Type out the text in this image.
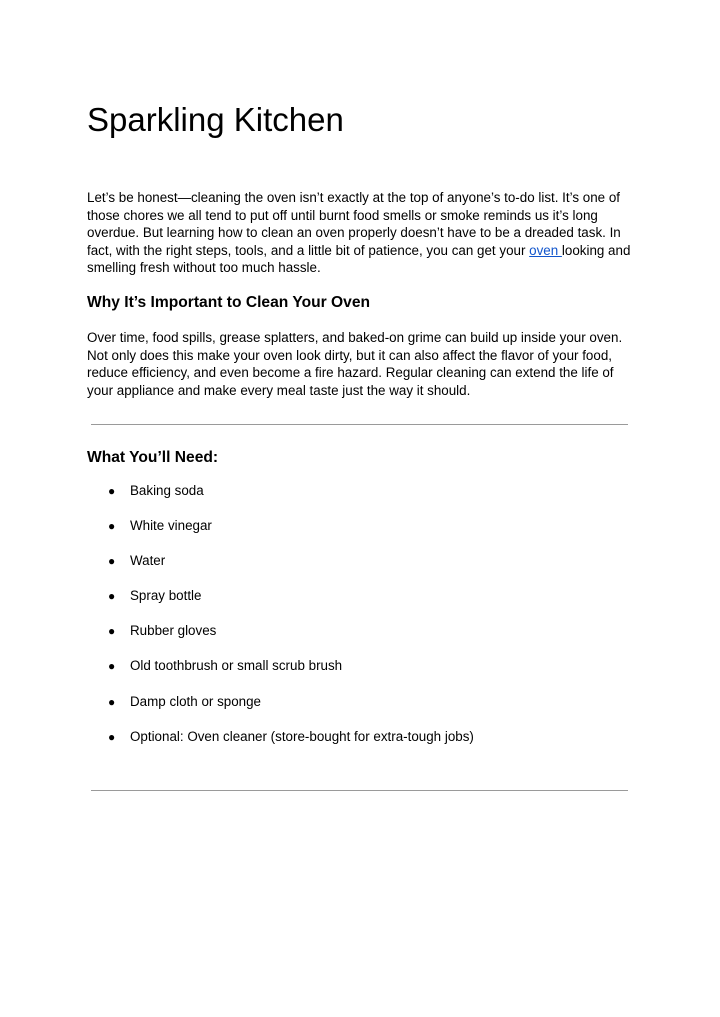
Sparkling Kitchen

Let’s be honest—cleaning the oven isn’t exactly at the top of anyone’s to-do list. It’s one of those chores we all tend to put off until burnt food smells or smoke reminds us it’s long overdue. But learning how to clean an oven properly doesn’t have to be a dreaded task. In fact, with the right steps, tools, and a little bit of patience, you can get your oven looking and smelling fresh without too much hassle.

Why It’s Important to Clean Your Oven

Over time, food spills, grease splatters, and baked-on grime can build up inside your oven. Not only does this make your oven look dirty, but it can also affect the flavor of your food, reduce efficiency, and even become a fire hazard. Regular cleaning can extend the life of your appliance and make every meal taste just the way it should.

What You’ll Need:
● Baking soda
● White vinegar
● Water
● Spray bottle
● Rubber gloves
● Old toothbrush or small scrub brush
● Damp cloth or sponge
● Optional: Oven cleaner (store-bought for extra-tough jobs)
